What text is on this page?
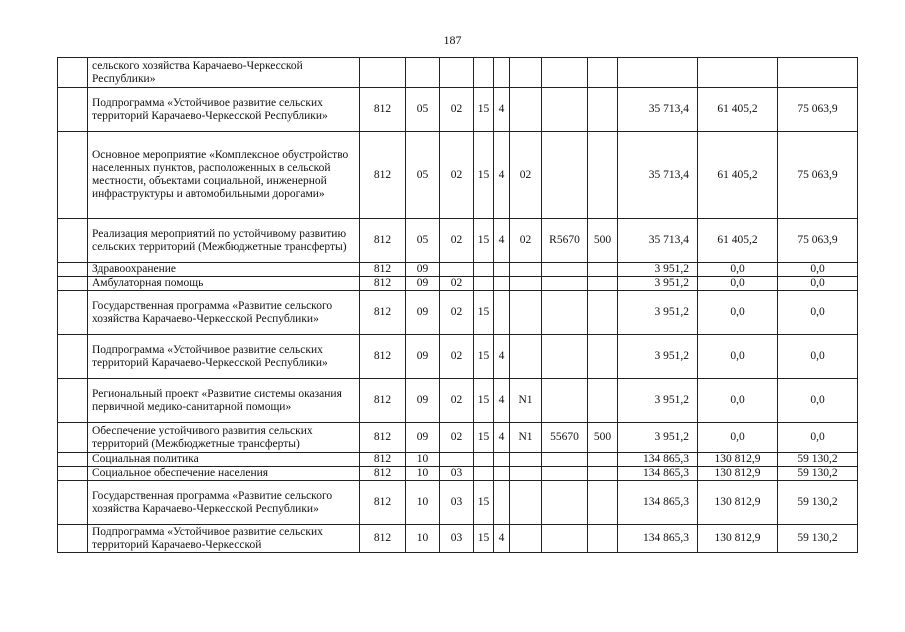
187
	сельского хозяйства Карачаево-Черкесской Республики»											
	Подпрограмма «Устойчивое развитие сельских территорий Карачаево-Черкесской Республики»	812	05	02	15	4				35 713,4	61 405,2	75 063,9
	Основное мероприятие «Комплексное обустройство населенных пунктов, расположенных в сельской местности, объектами социальной, инженерной инфраструктуры и автомобильными дорогами»	812	05	02	15	4	02			35 713,4	61 405,2	75 063,9
	Реализация мероприятий по устойчивому развитию сельских территорий (Межбюджетные трансферты)	812	05	02	15	4	02	R5670	500	35 713,4	61 405,2	75 063,9
	Здравоохранение	812	09							3 951,2	0,0	0,0
	Амбулаторная помощь	812	09	02						3 951,2	0,0	0,0
	Государственная программа «Развитие сельского хозяйства Карачаево-Черкесской Республики»	812	09	02	15					3 951,2	0,0	0,0
	Подпрограмма «Устойчивое развитие сельских территорий Карачаево-Черкесской Республики»	812	09	02	15	4				3 951,2	0,0	0,0
	Региональный проект «Развитие системы оказания первичной медико-санитарной помощи»	812	09	02	15	4	N1			3 951,2	0,0	0,0
	Обеспечение устойчивого развития сельских территорий (Межбюджетные трансферты)	812	09	02	15	4	N1	55670	500	3 951,2	0,0	0,0
	Социальная политика	812	10							134 865,3	130 812,9	59 130,2
	Социальное обеспечение населения	812	10	03						134 865,3	130 812,9	59 130,2
	Государственная программа «Развитие сельского хозяйства Карачаево-Черкесской Республики»	812	10	03	15					134 865,3	130 812,9	59 130,2
	Подпрограмма «Устойчивое развитие сельских территорий Карачаево-Черкесской	812	10	03	15	4				134 865,3	130 812,9	59 130,2
